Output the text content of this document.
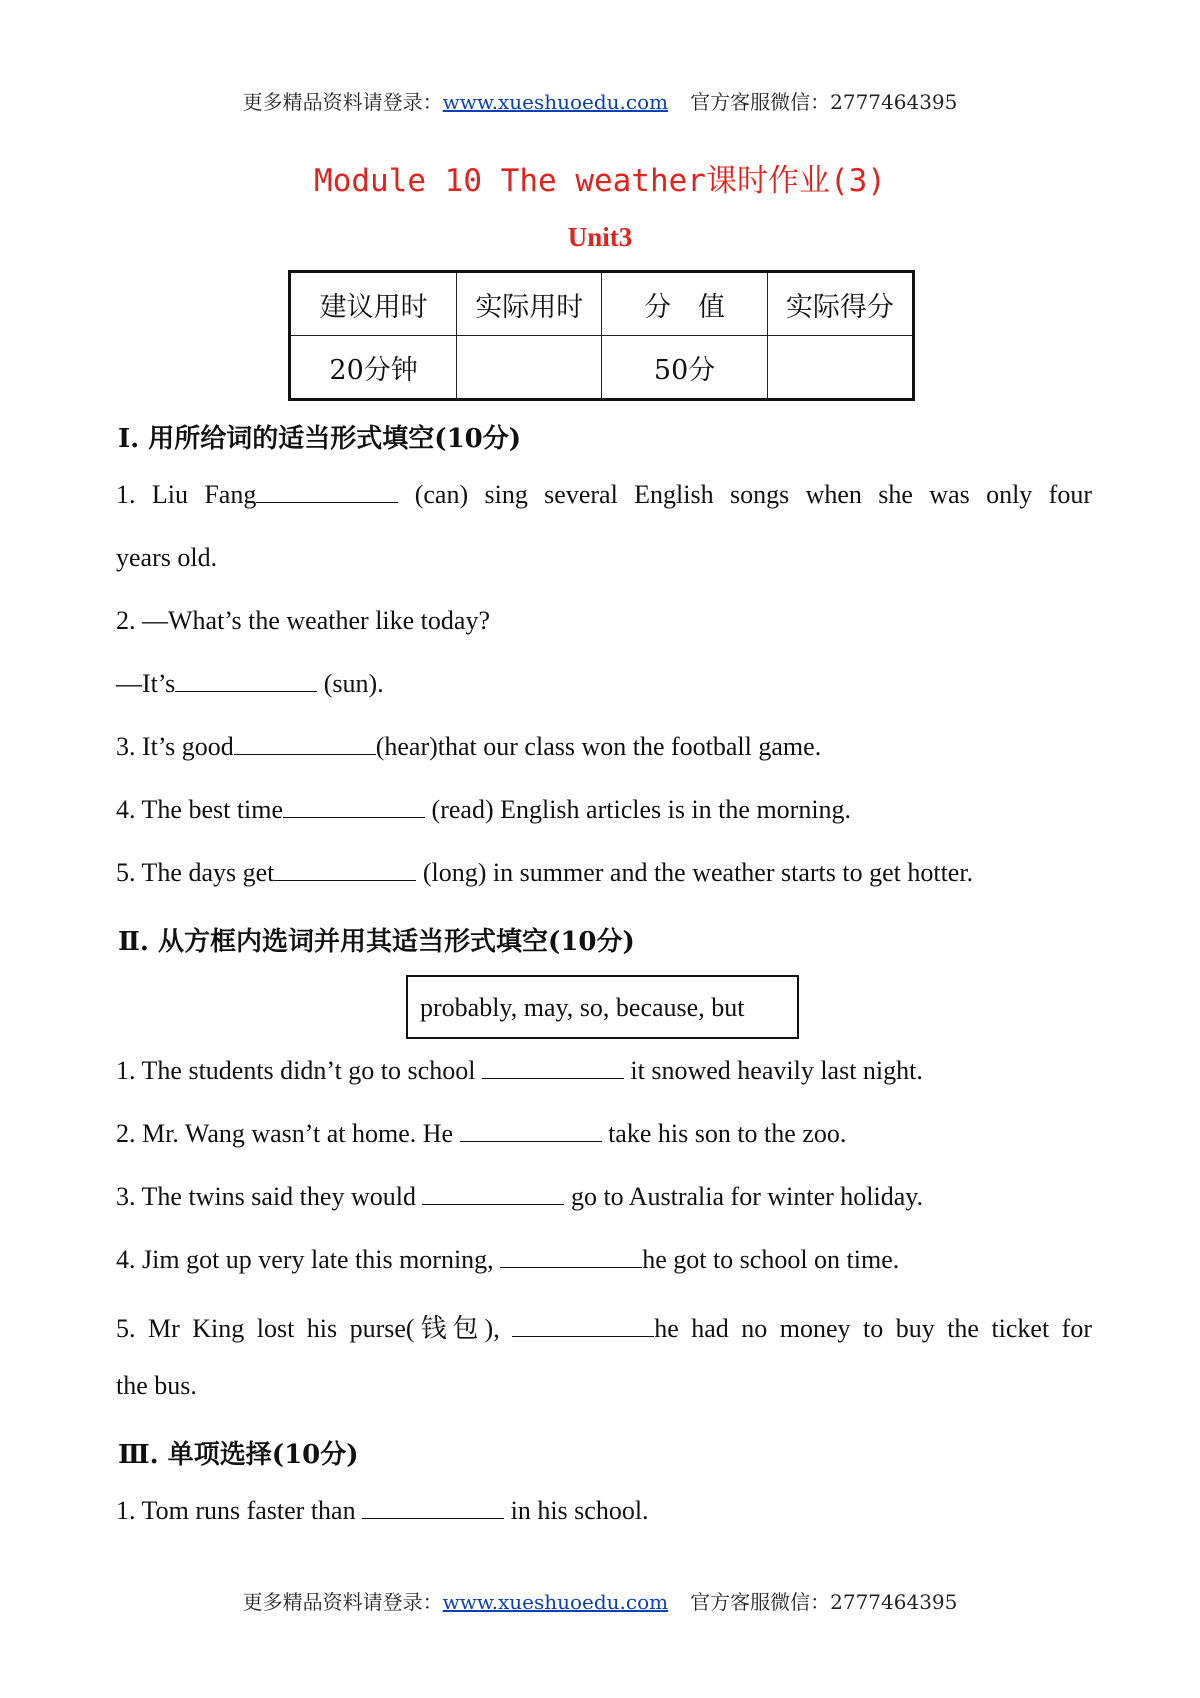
更多精品资料请登录：www.xueshuoedu.com 官方客服微信：2777464395
Module 10 The weather课时作业(3)
Unit3
建议用时	实际用时	分　值	实际得分
20分钟		50分	
Ⅰ. 用所给词的适当形式填空(10分)
1. Liu Fang	(can) sing several English songs when she was only four
years old.
2. —What’s the weather like today?
—It’s	(sun).
3. It’s good	(hear)that our class won the football game.
4. The best time	(read) English articles is in the morning.
5. The days get	(long) in summer and the weather starts to get hotter.
Ⅱ. 从方框内选词并用其适当形式填空(10分)
probably, may, so, because, but
1. The students didn’t go to school	it snowed heavily last night.
2. Mr. Wang wasn’t at home. He	take his son to the zoo.
3. The twins said they would	go to Australia for winter holiday.
4. Jim got up very late this morning,	he got to school on time.
5. Mr King lost his purse(钱包),	he had no money to buy the ticket for
the bus.
Ⅲ. 单项选择(10分)
1. Tom runs faster than	in his school.
更多精品资料请登录：www.xueshuoedu.com 官方客服微信：2777464395
